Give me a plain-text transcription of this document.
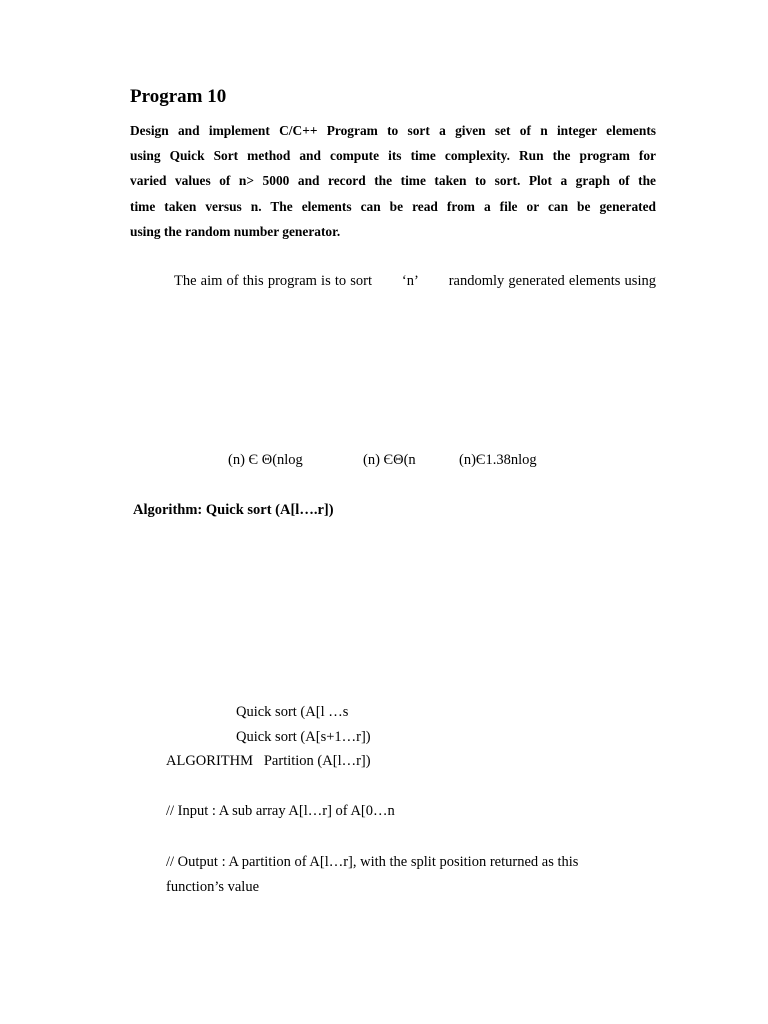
Program 10
Design and implement C/C++ Program to sort a given set of n integer elements
using Quick Sort method and compute its time complexity. Run the program for
varied values of n> 5000 and record the time taken to sort. Plot a graph of the
time taken versus n. The elements can be read from a file or can be generated
using the random number generator.
The aim of this program is to sort ‘n’ randomly generated elements using
(n) Є Θ(nlog	(n) ЄΘ(n	(n)Є1.38nlog
Algorithm: Quick sort (A[l….r])
Quick sort (A[l …s
Quick sort (A[s+1…r])
ALGORITHM   Partition (A[l…r])
// Input : A sub array A[l…r] of A[0…n
// Output : A partition of A[l…r], with the split position returned as this
function’s value
